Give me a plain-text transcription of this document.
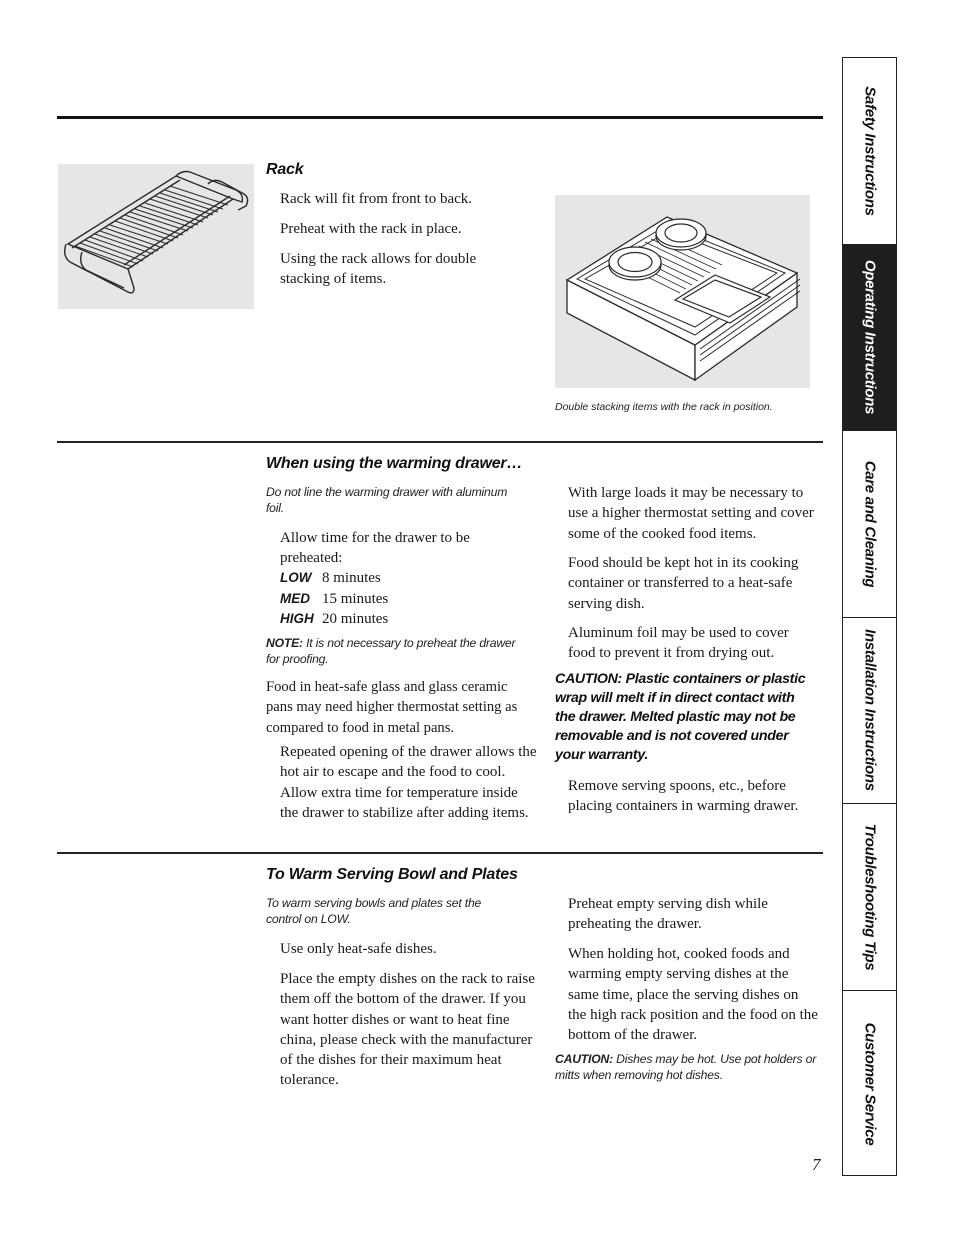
Rack
Rack will fit from front to back.
Preheat with the rack in place.
Using the rack allows for double stacking of items.
Double stacking items with the rack in position.
When using the warming drawer…
Do not line the warming drawer with aluminum foil.
Allow time for the drawer to be preheated:
LOW 8 minutes
MED 15 minutes
HIGH 20 minutes
NOTE: It is not necessary to preheat the drawer for proofing.
Food in heat-safe glass and glass ceramic pans may need higher thermostat setting as compared to food in metal pans.
Repeated opening of the drawer allows the hot air to escape and the food to cool. Allow extra time for temperature inside the drawer to stabilize after adding items.
With large loads it may be necessary to use a higher thermostat setting and cover some of the cooked food items.
Food should be kept hot in its cooking container or transferred to a heat-safe serving dish.
Aluminum foil may be used to cover food to prevent it from drying out.
CAUTION: Plastic containers or plastic wrap will melt if in direct contact with the drawer. Melted plastic may not be removable and is not covered under your warranty.
Remove serving spoons, etc., before placing containers in warming drawer.
To Warm Serving Bowl and Plates
To warm serving bowls and plates set the control on LOW.
Use only heat-safe dishes.
Place the empty dishes on the rack to raise them off the bottom of the drawer. If you want hotter dishes or want to heat fine china, please check with the manufacturer of the dishes for their maximum heat tolerance.
Preheat empty serving dish while preheating the drawer.
When holding hot, cooked foods and warming empty serving dishes at the same time, place the serving dishes on the high rack position and the food on the bottom of the drawer.
CAUTION: Dishes may be hot. Use pot holders or mitts when removing hot dishes.
Safety Instructions
Operating Instructions
Care and Cleaning
Installation Instructions
Troubleshooting Tips
Customer Service
7
